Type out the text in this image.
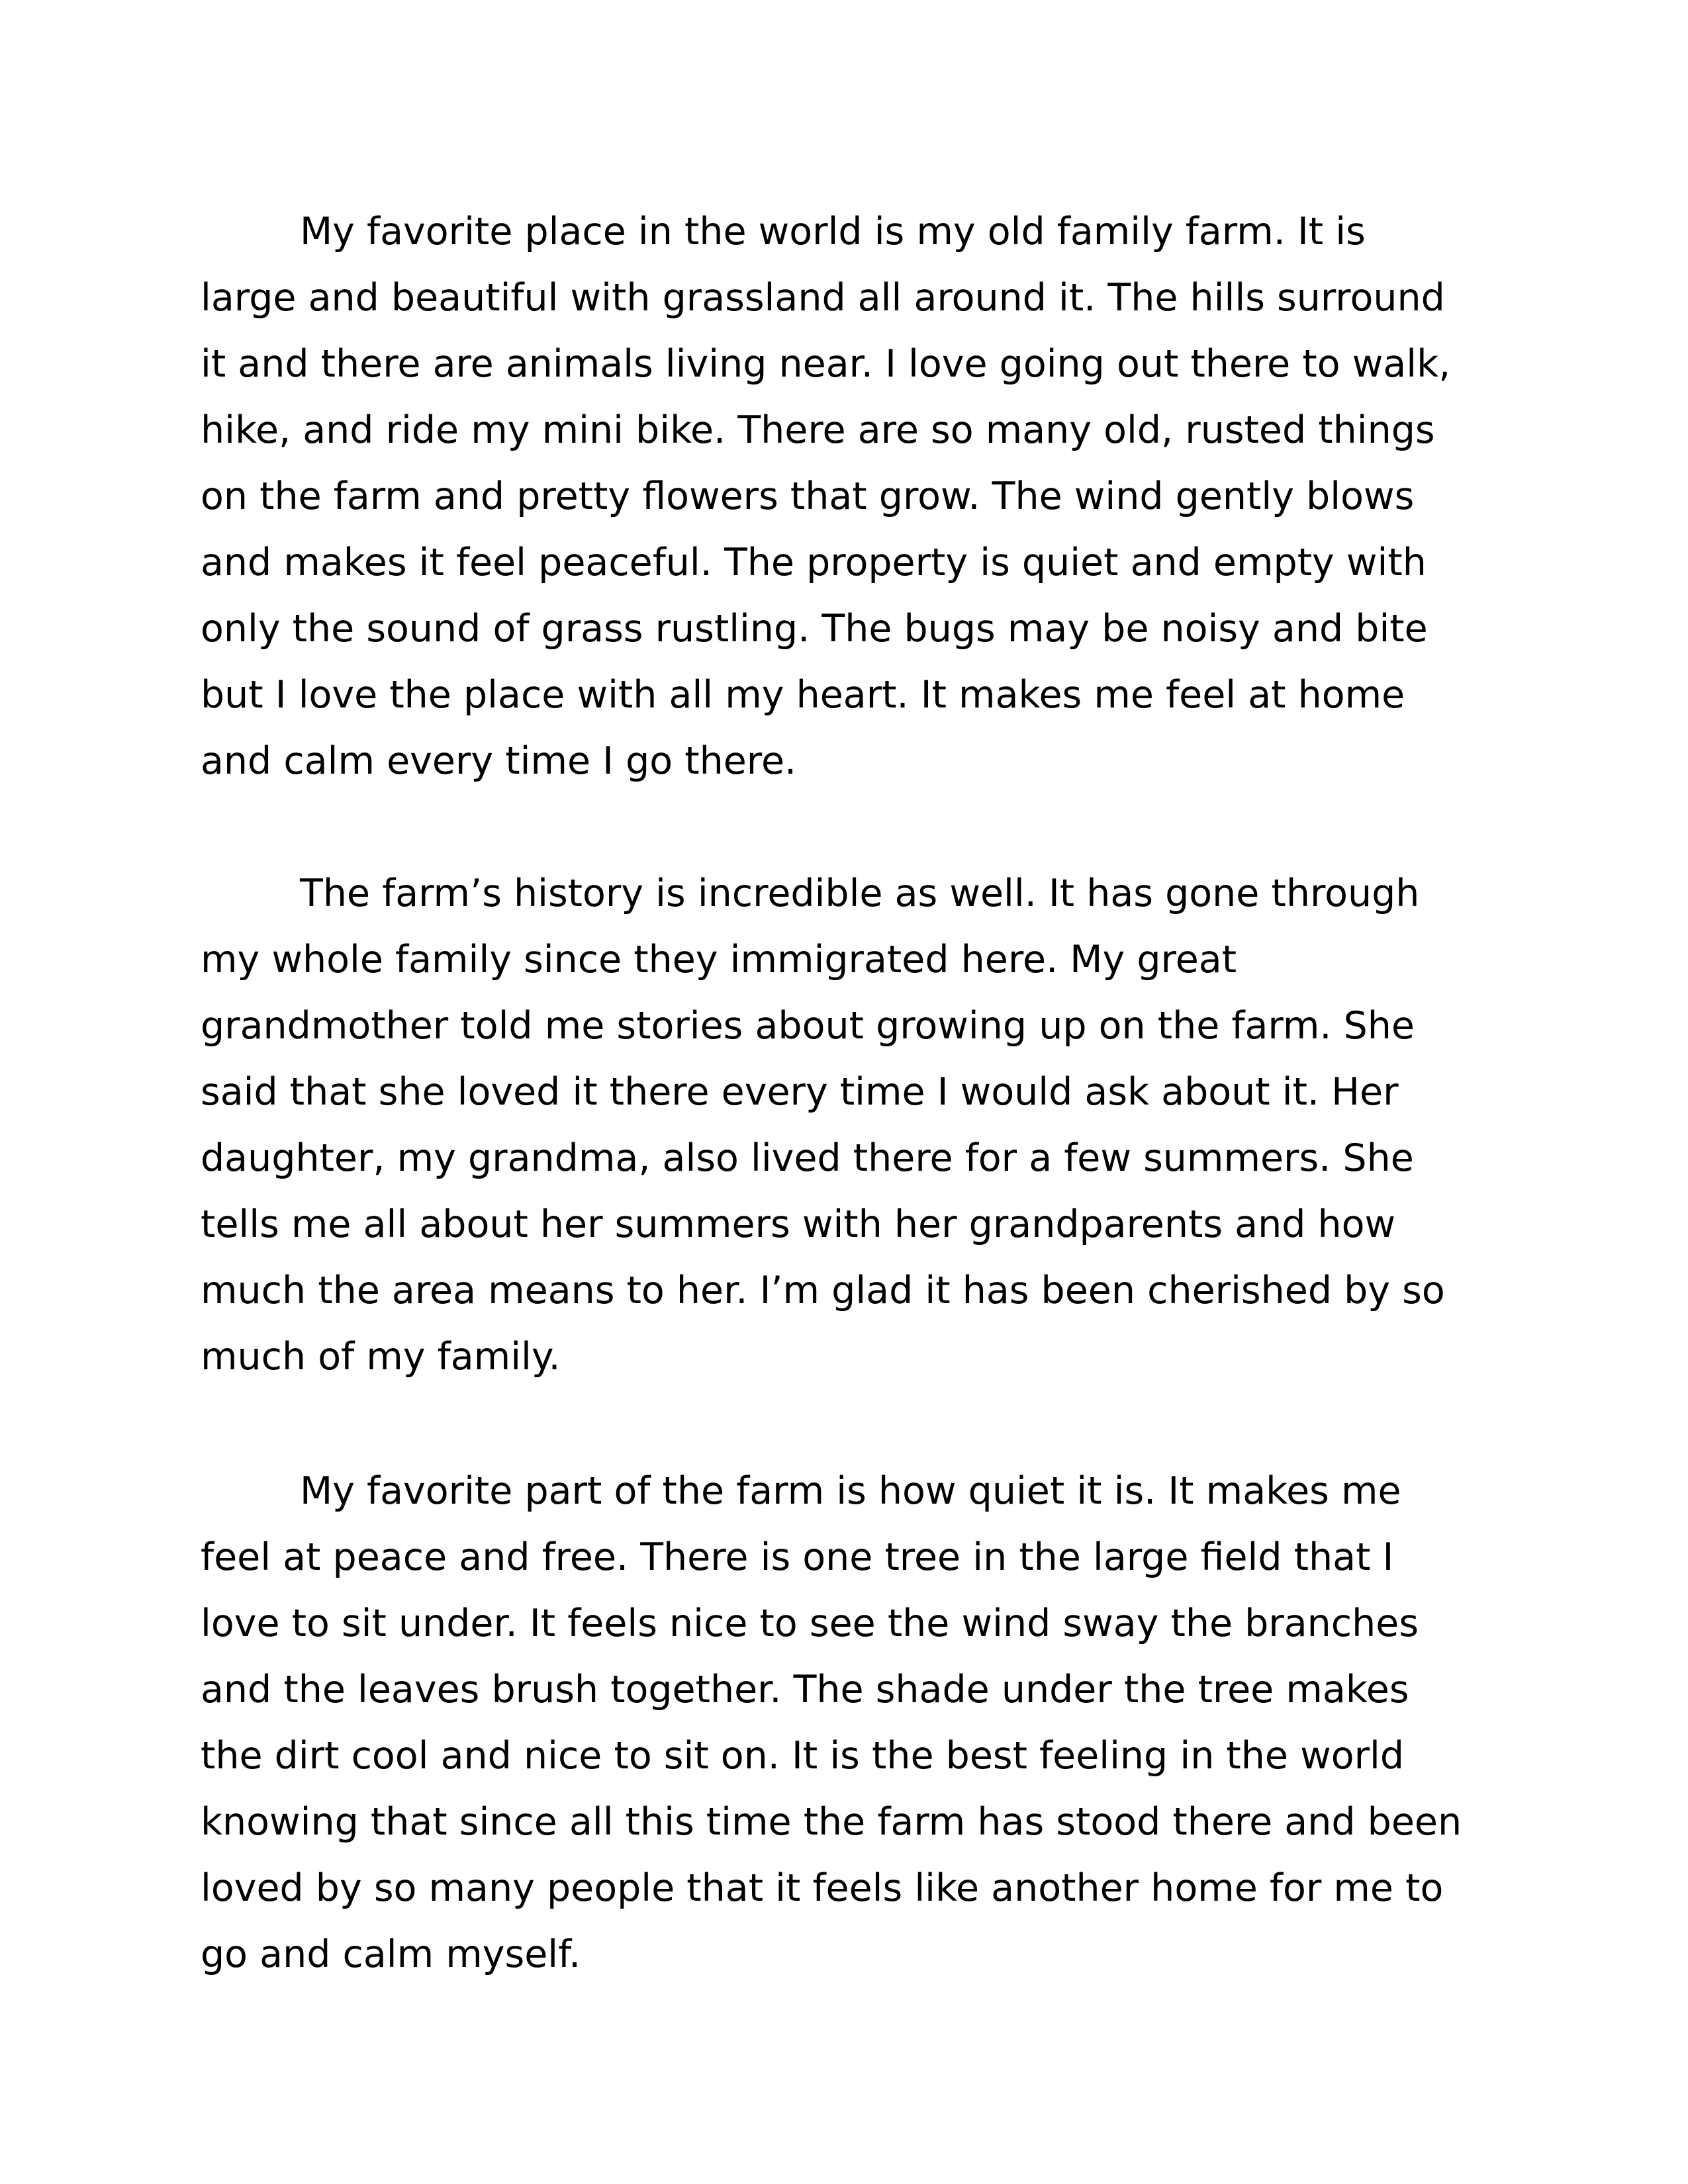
My favorite place in the world is my old family farm. It is
large and beautiful with grassland all around it. The hills surround
it and there are animals living near. I love going out there to walk,
hike, and ride my mini bike. There are so many old, rusted things
on the farm and pretty flowers that grow. The wind gently blows
and makes it feel peaceful. The property is quiet and empty with
only the sound of grass rustling. The bugs may be noisy and bite
but I love the place with all my heart. It makes me feel at home
and calm every time I go there.
The farm’s history is incredible as well. It has gone through
my whole family since they immigrated here. My great
grandmother told me stories about growing up on the farm. She
said that she loved it there every time I would ask about it. Her
daughter, my grandma, also lived there for a few summers. She
tells me all about her summers with her grandparents and how
much the area means to her. I’m glad it has been cherished by so
much of my family.
My favorite part of the farm is how quiet it is. It makes me
feel at peace and free. There is one tree in the large field that I
love to sit under. It feels nice to see the wind sway the branches
and the leaves brush together. The shade under the tree makes
the dirt cool and nice to sit on. It is the best feeling in the world
knowing that since all this time the farm has stood there and been
loved by so many people that it feels like another home for me to
go and calm myself.
